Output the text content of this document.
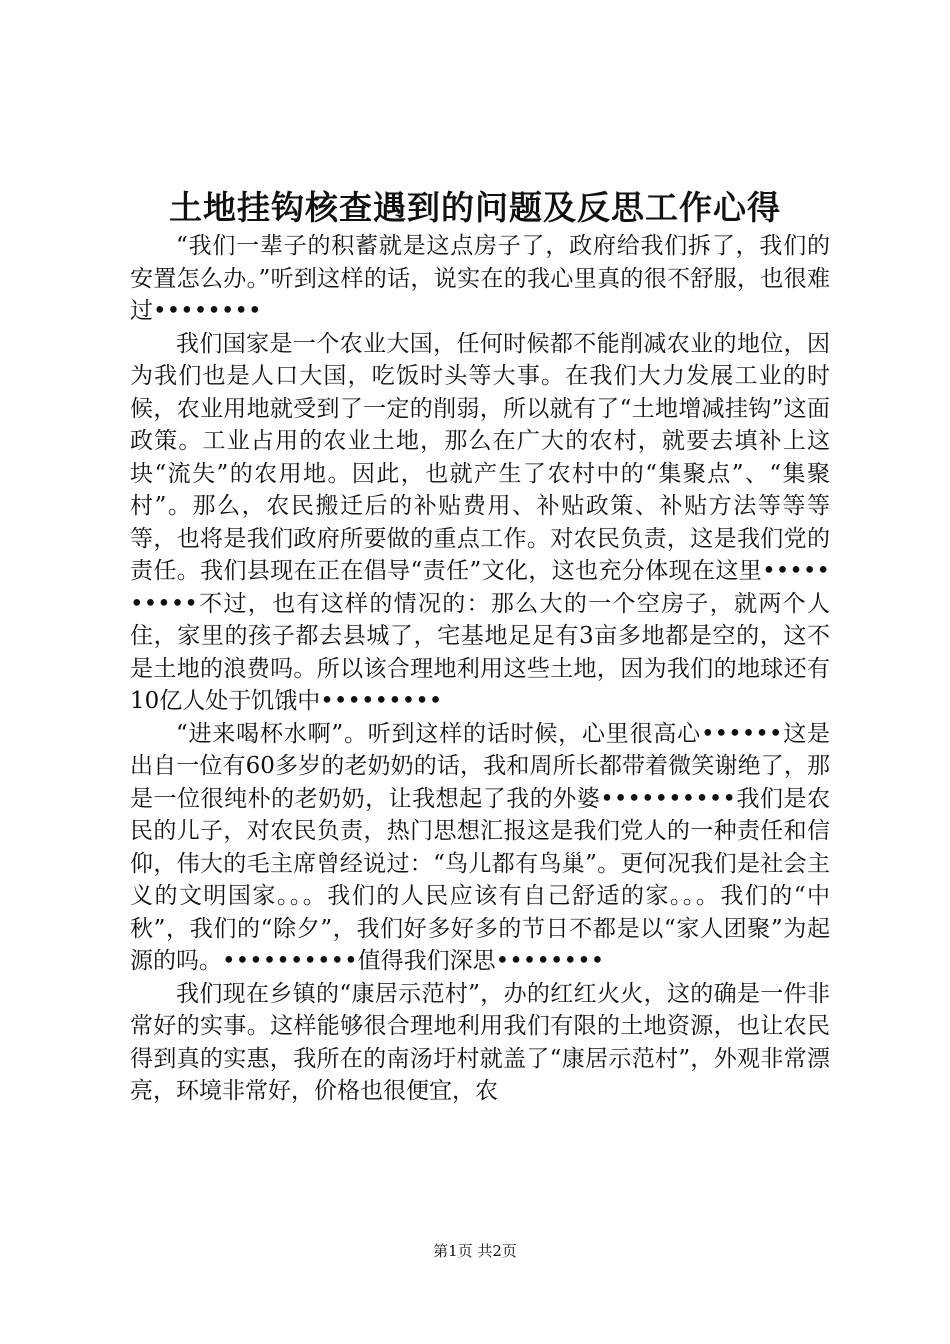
土地挂钩核查遇到的问题及反思工作心得

“我们一辈子的积蓄就是这点房子了，政府给我们拆了，我们的安置怎么办。”听到这样的话，说实在的我心里真的很不舒服，也很难过••••••••

我们国家是一个农业大国，任何时候都不能削减农业的地位，因为我们也是人口大国，吃饭时头等大事。在我们大力发展工业的时候，农业用地就受到了一定的削弱，所以就有了“土地增减挂钩”这面政策。工业占用的农业土地，那么在广大的农村，就要去填补上这块“流失”的农用地。因此，也就产生了农村中的“集聚点”、“集聚村”。那么，农民搬迁后的补贴费用、补贴政策、补贴方法等等等等，也将是我们政府所要做的重点工作。对农民负责，这是我们党的责任。我们县现在正在倡导“责任”文化，这也充分体现在这里••••••••••不过，也有这样的情况的：那么大的一个空房子，就两个人住，家里的孩子都去县城了，宅基地足足有3亩多地都是空的，这不是土地的浪费吗。所以该合理地利用这些土地，因为我们的地球还有10亿人处于饥饿中•••••••••

“进来喝杯水啊”。听到这样的话时候，心里很高心••••••这是出自一位有60多岁的老奶奶的话，我和周所长都带着微笑谢绝了，那是一位很纯朴的老奶奶，让我想起了我的外婆••••••••••我们是农民的儿子，对农民负责，热门思想汇报这是我们党人的一种责任和信仰，伟大的毛主席曾经说过：“鸟儿都有鸟巢”。更何况我们是社会主义的文明国家。。。我们的人民应该有自己舒适的家。。。我们的“中秋”，我们的“除夕”，我们好多好多的节日不都是以“家人团聚”为起源的吗。••••••••••值得我们深思••••••••

我们现在乡镇的“康居示范村”，办的红红火火，这的确是一件非常好的实事。这样能够很合理地利用我们有限的土地资源，也让农民得到真的实惠，我所在的南汤圩村就盖了“康居示范村”，外观非常漂亮，环境非常好，价格也很便宜，农

第1页 共2页
